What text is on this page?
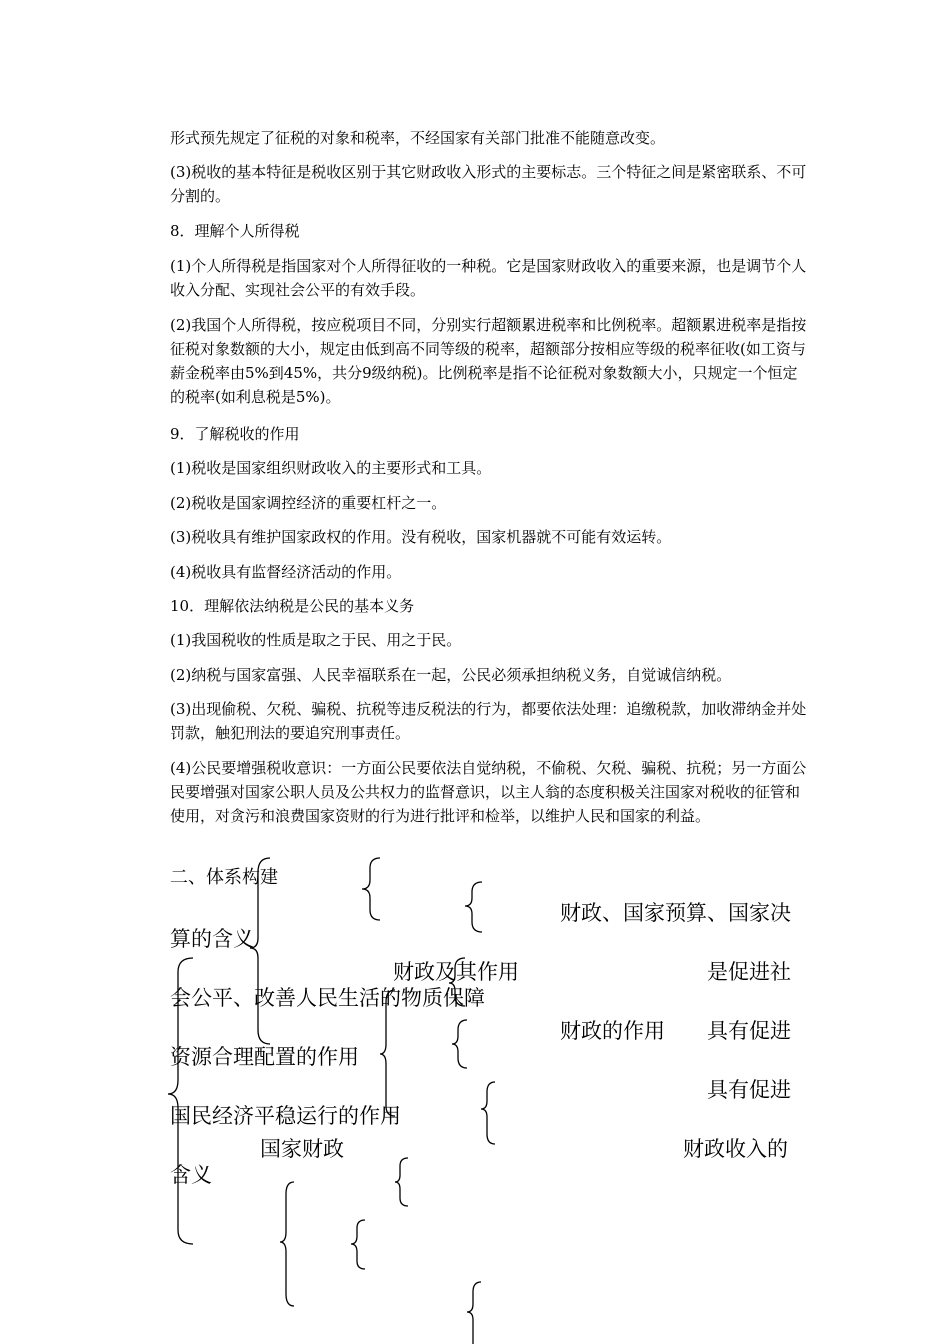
形式预先规定了征税的对象和税率，不经国家有关部门批准不能随意改变。

(3)税收的基本特征是税收区别于其它财政收入形式的主要标志。三个特征之间是紧密联系、不可分割的。

8．理解个人所得税

(1)个人所得税是指国家对个人所得征收的一种税。它是国家财政收入的重要来源，也是调节个人收入分配、实现社会公平的有效手段。

(2)我国个人所得税，按应税项目不同，分别实行超额累进税率和比例税率。超额累进税率是指按征税对象数额的大小，规定由低到高不同等级的税率，超额部分按相应等级的税率征收(如工资与薪金税率由5%到45%，共分9级纳税)。比例税率是指不论征税对象数额大小，只规定一个恒定的税率(如利息税是5%)。

9．了解税收的作用

(1)税收是国家组织财政收入的主要形式和工具。

(2)税收是国家调控经济的重要杠杆之一。

(3)税收具有维护国家政权的作用。没有税收，国家机器就不可能有效运转。

(4)税收具有监督经济活动的作用。

10．理解依法纳税是公民的基本义务

(1)我国税收的性质是取之于民、用之于民。

(2)纳税与国家富强、人民幸福联系在一起，公民必须承担纳税义务，自觉诚信纳税。

(3)出现偷税、欠税、骗税、抗税等违反税法的行为，都要依法处理：追缴税款，加收滞纳金并处罚款，触犯刑法的要追究刑事责任。

(4)公民要增强税收意识：一方面公民要依法自觉纳税，不偷税、欠税、骗税、抗税；另一方面公民要增强对国家公职人员及公共权力的监督意识，以主人翁的态度积极关注国家对税收的征管和使用，对贪污和浪费国家资财的行为进行批评和检举，以维护人民和国家的利益。

二、体系构建
财政、国家预算、国家决
算的含义
财政及其作用	是促进社
会公平、改善人民生活的物质保障
财政的作用 具有促进
资源合理配置的作用
具有促进
国民经济平稳运行的作用
国家财政	财政收入的
含义
